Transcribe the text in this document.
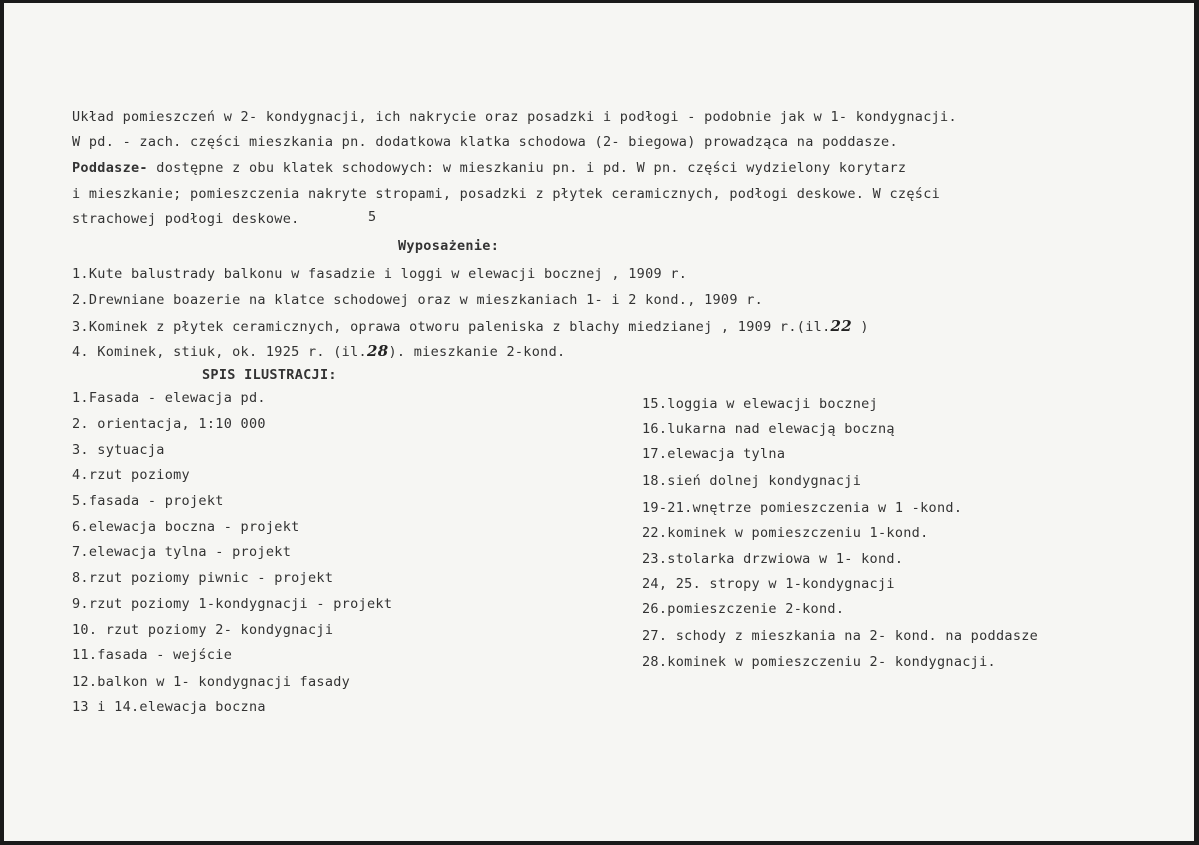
Układ pomieszczeń w 2- kondygnacji, ich nakrycie oraz posadzki i podłogi - podobnie jak w 1- kondygnacji.
W pd. - zach. części mieszkania pn. dodatkowa klatka schodowa (2- biegowa) prowadząca na poddasze.
Poddasze- dostępne z obu klatek schodowych: w mieszkaniu pn. i pd. W pn. części wydzielony korytarz
i mieszkanie; pomieszczenia nakryte stropami, posadzki z płytek ceramicznych, podłogi deskowe. W części
strachowej podłogi deskowe.	5
Wyposażenie:
1.Kute balustrady balkonu w fasadzie i loggi w elewacji bocznej , 1909 r.
2.Drewniane boazerie na klatce schodowej oraz w mieszkaniach 1- i 2 kond., 1909 r.
3.Kominek z płytek ceramicznych, oprawa otworu paleniska z blachy miedzianej , 1909 r.(il.22 )
4. Kominek, stiuk, ok. 1925 r. (il.28). mieszkanie 2-kond.
SPIS ILUSTRACJI:
1.Fasada - elewacja pd.
2. orientacja, 1:10 000
3. sytuacja
4.rzut poziomy
5.fasada - projekt
6.elewacja boczna - projekt
7.elewacja tylna - projekt
8.rzut poziomy piwnic - projekt
9.rzut poziomy 1-kondygnacji - projekt
10. rzut poziomy 2- kondygnacji
11.fasada - wejście
12.balkon w 1- kondygnacji fasady
13 i 14.elewacja boczna
15.loggia w elewacji bocznej
16.lukarna nad elewacją boczną
17.elewacja tylna
18.sień dolnej kondygnacji
19-21.wnętrze pomieszczenia w 1 -kond.
22.kominek w pomieszczeniu 1-kond.
23.stolarka drzwiowa w 1- kond.
24, 25. stropy w 1-kondygnacji
26.pomieszczenie 2-kond.
27. schody z mieszkania na 2- kond. na poddasze
28.kominek w pomieszczeniu 2- kondygnacji.
